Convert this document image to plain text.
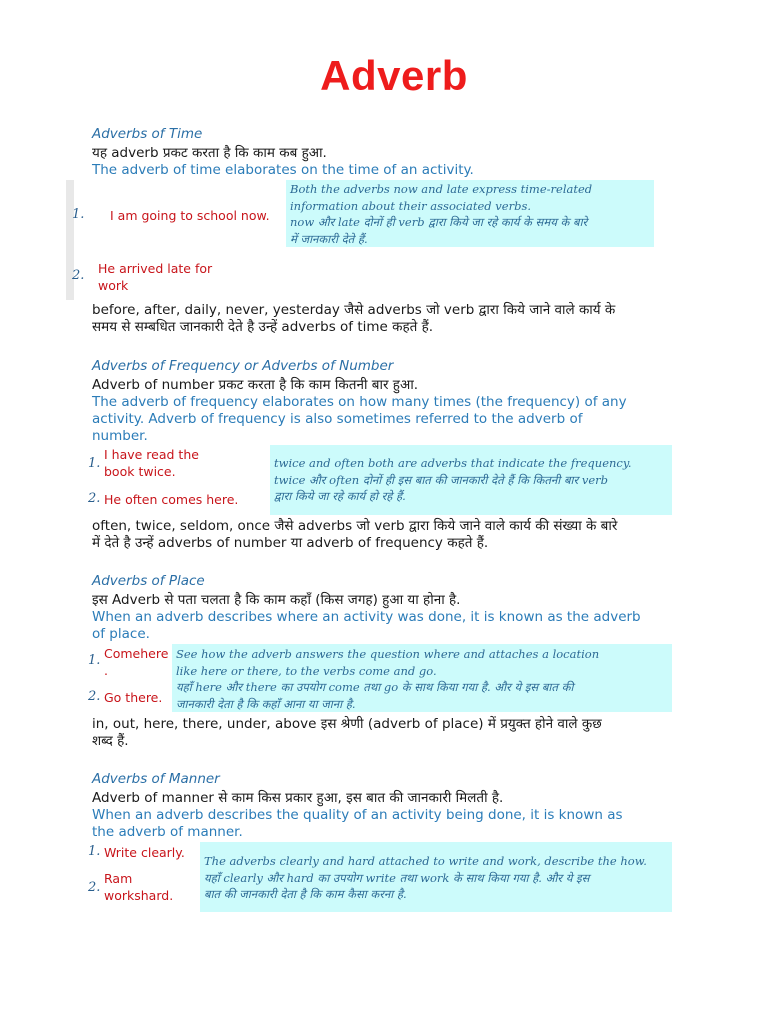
Adverb
Adverbs of Time
यह adverb प्रकट करता है कि काम कब हुआ.
The adverb of time elaborates on the time of an activity.
1. I am going to school now.
2. He arrived late for work
Both the adverbs now and late express time-related
information about their associated verbs.
now और late दोनों ही verb द्वारा किये जा रहे कार्य के समय के बारे
में जानकारी देते हैं.
before, after, daily, never, yesterday जैसे adverbs जो verb द्वारा किये जाने वाले कार्य के
समय से सम्बधित जानकारी देते है उन्हें adverbs of time कहते हैं.
Adverbs of Frequency or Adverbs of Number
Adverb of number प्रकट करता है कि काम कितनी बार हुआ.
The adverb of frequency elaborates on how many times (the frequency) of any
activity. Adverb of frequency is also sometimes referred to the adverb of
number.
1.
I have read the book twice.
2. He often comes here.
twice and often both are adverbs that indicate the frequency.
twice और often दोनों ही इस बात की जानकारी देते हैं कि कितनी बार verb
द्वारा किये जा रहे कार्य हो रहे हैं.
often, twice, seldom, once जैसे adverbs जो verb द्वारा किये जाने वाले कार्य की संख्या के बारे
में देते है उन्हें adverbs of number या adverb of frequency कहते हैं.
Adverbs of Place
इस Adverb से पता चलता है कि काम कहाँ (किस जगह) हुआ या होना है.
When an adverb describes where an activity was done, it is known as the adverb
of place.
1. Comehere .
2. Go there.
See how the adverb answers the question where and attaches a location
like here or there, to the verbs come and go.
यहाँ here और there का उपयोग come तथा go के साथ किया गया है. और ये इस बात की
जानकारी देता है कि कहाँ आना या जाना है.
in, out, here, there, under, above इस श्रेणी (adverb of place) में प्रयुक्त होने वाले कुछ
शब्द हैं.
Adverbs of Manner
Adverb of manner से काम किस प्रकार हुआ, इस बात की जानकारी मिलती है.
When an adverb describes the quality of an activity being done, it is known as
the adverb of manner.
1. Write clearly.
2.
Ram workshard.
The adverbs clearly and hard attached to write and work, describe the how.
यहाँ clearly और hard का उपयोग write तथा work के साथ किया गया है. और ये इस
बात की जानकारी देता है कि काम कैसा करना है.
